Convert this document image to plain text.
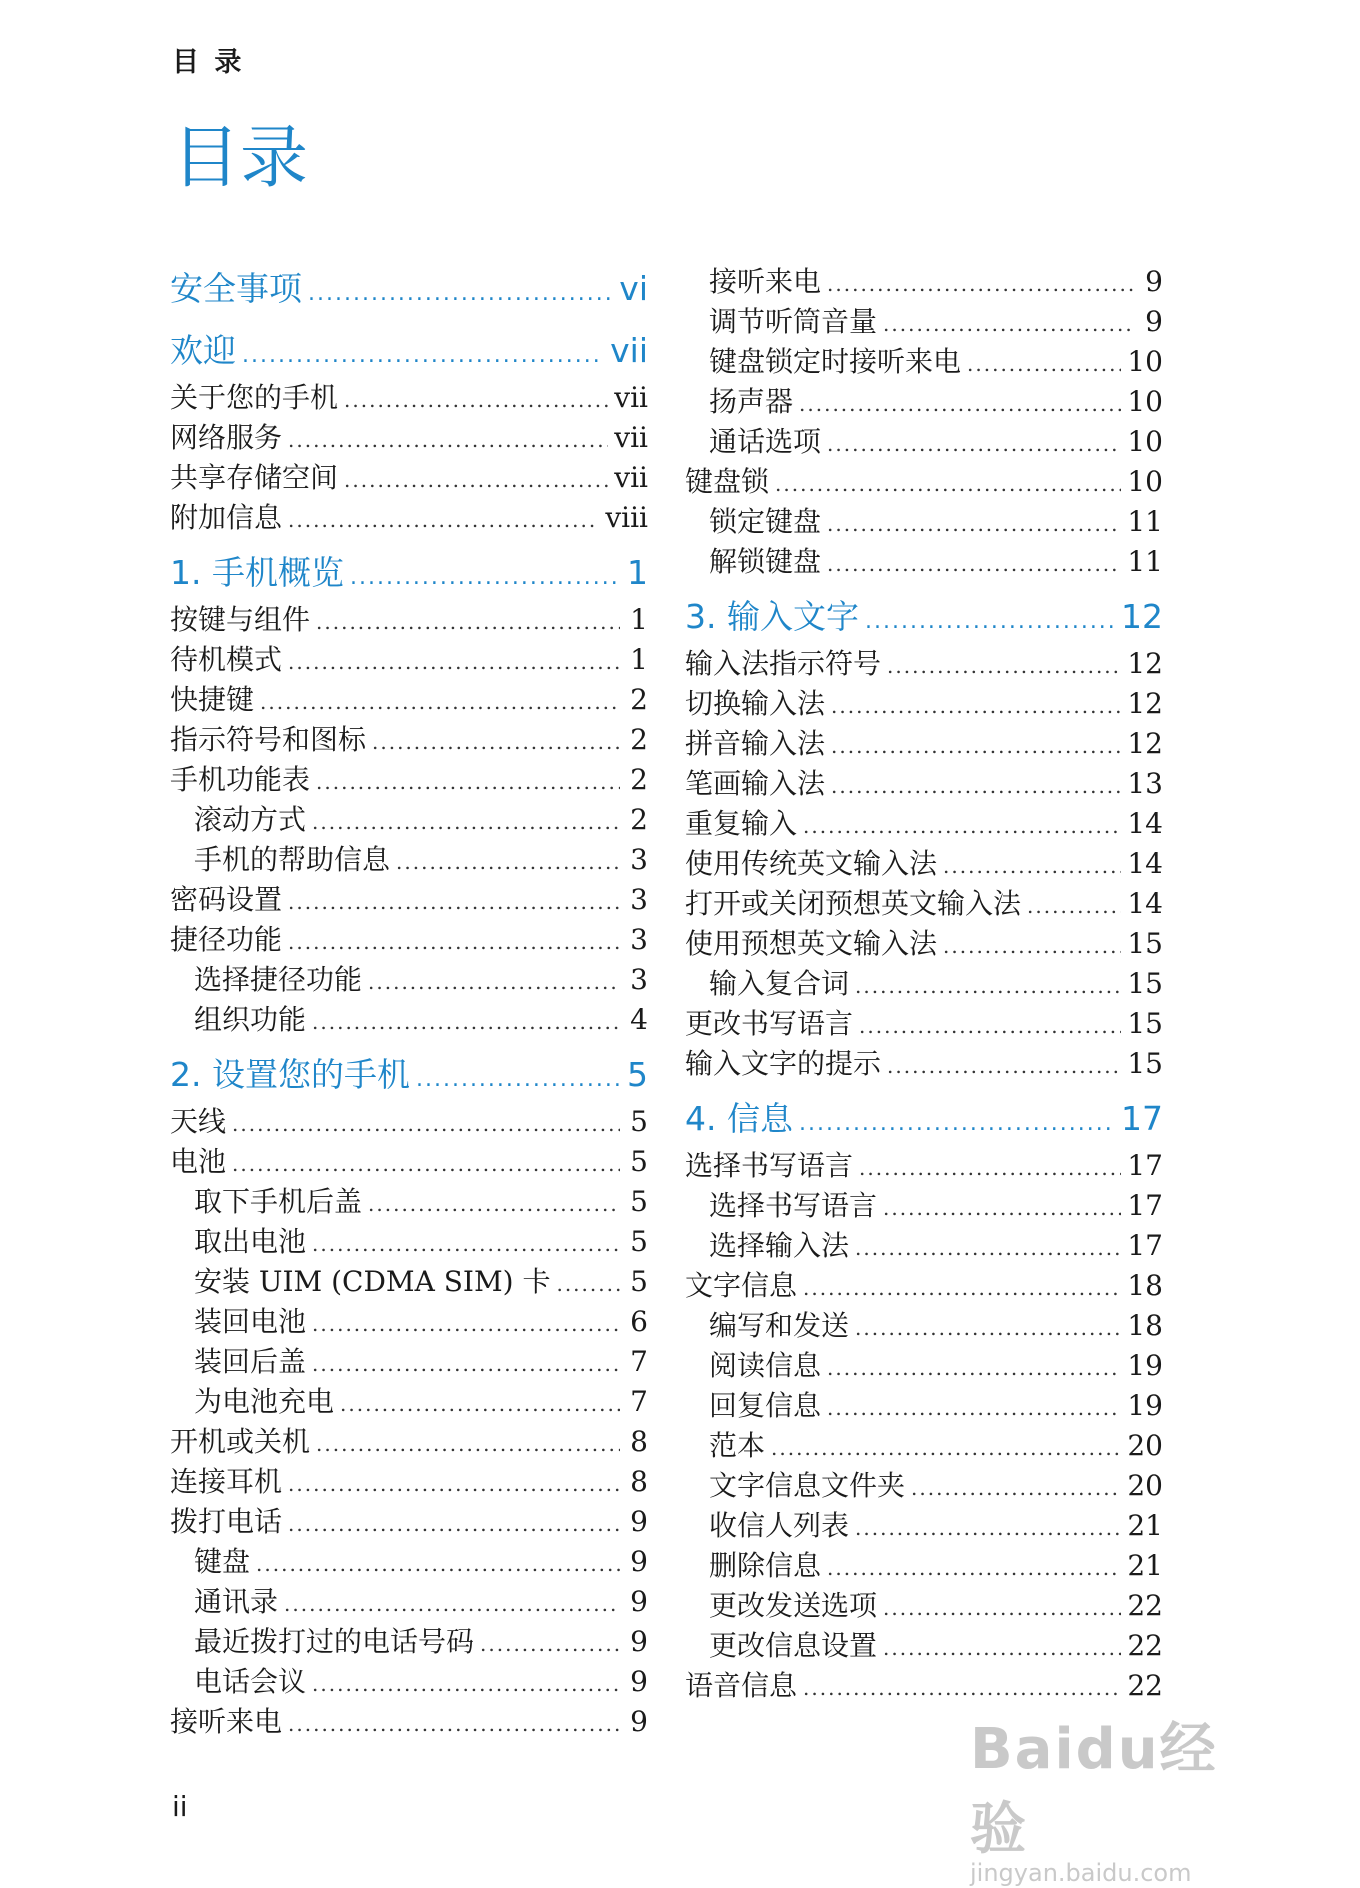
目 录
目录
安全事项 .....	vi
欢迎 .....	vii
关于您的手机 .....	vii
网络服务 .....	vii
共享存储空间 .....	vii
附加信息 .....	viii
1. 手机概览 .....	1
按键与组件 .....	1
待机模式 .....	1
快捷键 .....	2
指示符号和图标 .....	2
手机功能表 .....	2
滚动方式 .....	2
手机的帮助信息 .....	3
密码设置 .....	3
捷径功能 .....	3
选择捷径功能 .....	3
组织功能 .....	4
2. 设置您的手机 .....	5
天线 .....	5
电池 .....	5
取下手机后盖 .....	5
取出电池 .....	5
安装 UIM (CDMA SIM) 卡 .....	5
装回电池 .....	6
装回后盖 .....	7
为电池充电 .....	7
开机或关机 .....	8
连接耳机 .....	8
拨打电话 .....	9
键盘 .....	9
通讯录 .....	9
最近拨打过的电话号码 .....	9
电话会议 .....	9
接听来电 .....	9
接听来电 .....	9
调节听筒音量 .....	9
键盘锁定时接听来电 .....	10
扬声器 .....	10
通话选项 .....	10
键盘锁 .....	10
锁定键盘 .....	11
解锁键盘 .....	11
3. 输入文字 .....	12
输入法指示符号 .....	12
切换输入法 .....	12
拼音输入法 .....	12
笔画输入法 .....	13
重复输入 .....	14
使用传统英文输入法 .....	14
打开或关闭预想英文输入法 .....	14
使用预想英文输入法 .....	15
输入复合词 .....	15
更改书写语言 .....	15
输入文字的提示 .....	15
4. 信息 .....	17
选择书写语言 .....	17
选择书写语言 .....	17
选择输入法 .....	17
文字信息 .....	18
编写和发送 .....	18
阅读信息 .....	19
回复信息 .....	19
范本 .....	20
文字信息文件夹 .....	20
收信人列表 .....	21
删除信息 .....	21
更改发送选项 .....	22
更改信息设置 .....	22
语音信息 .....	22
ii
Baidu经验
jingyan.baidu.com
